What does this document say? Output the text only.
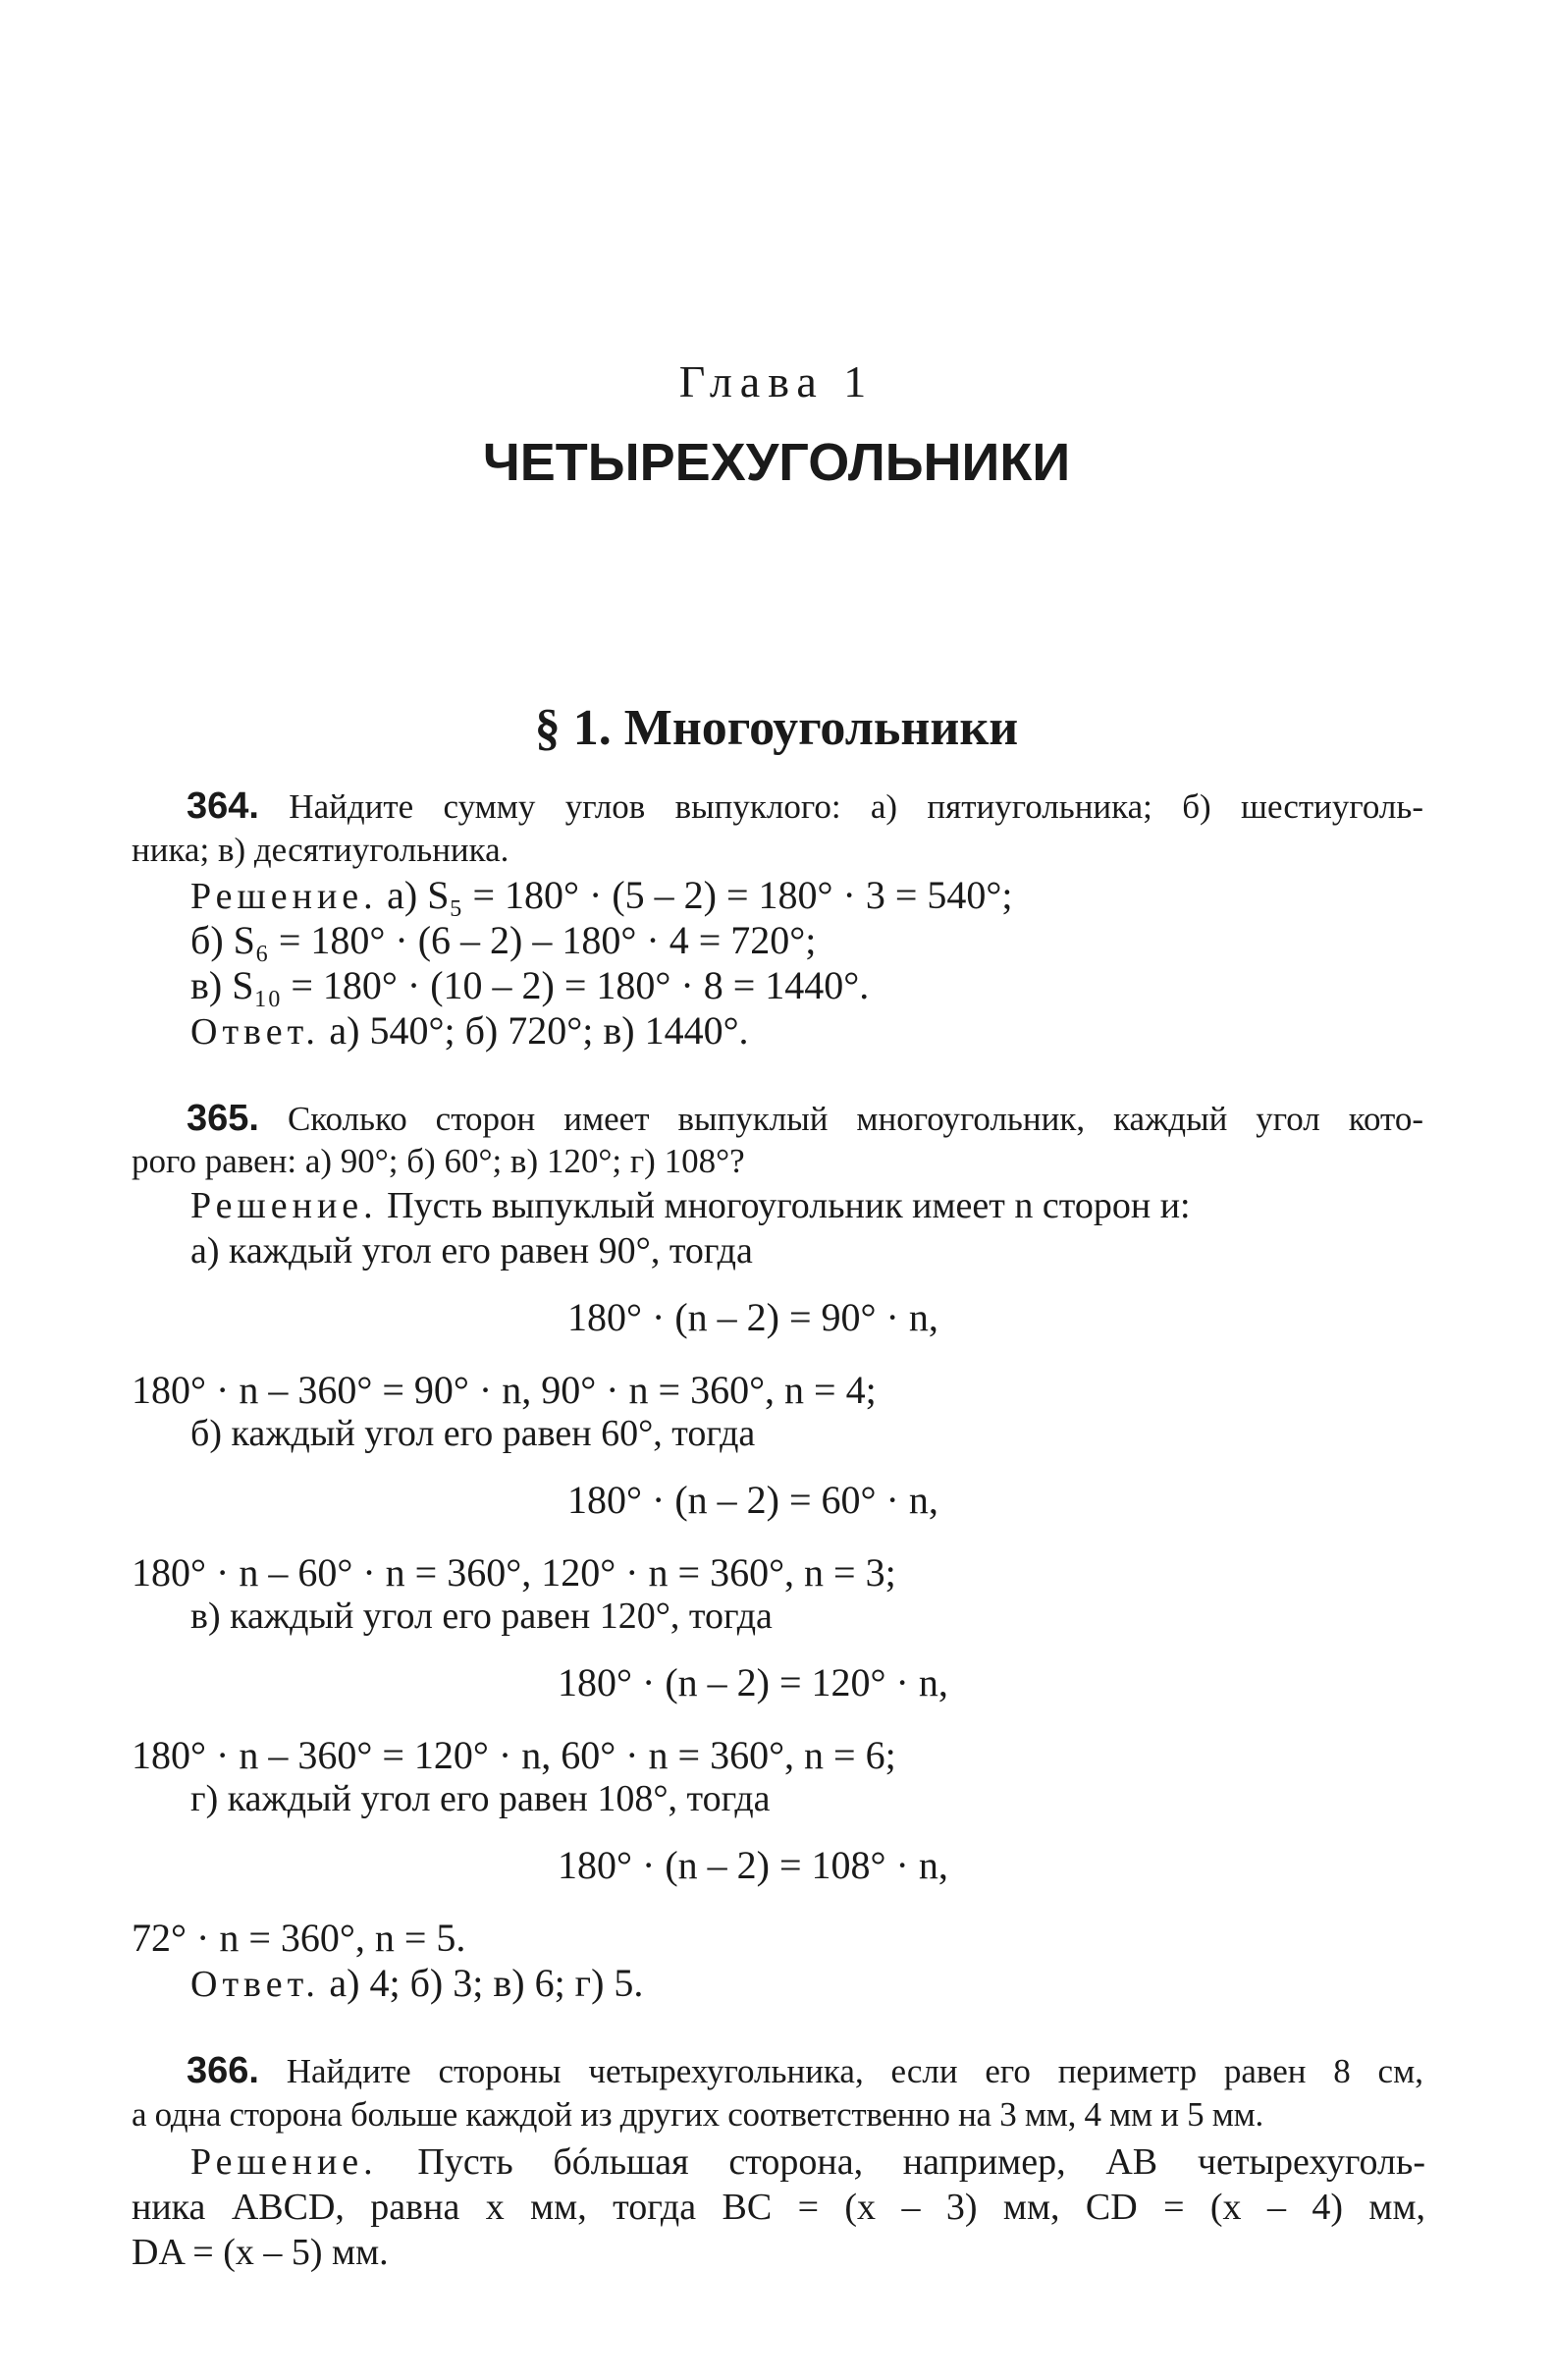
Глава 1
ЧЕТЫРЕХУГОЛЬНИКИ
§ 1. Многоугольники
364. Найдите сумму углов выпуклого: а) пятиугольника; б) шестиуголь-
ника; в) десятиугольника.
Решение. а) S₅ = 180° · (5 – 2) = 180° · 3 = 540°;
б) S₆ = 180° · (6 – 2) – 180° · 4 = 720°;
в) S₁₀ = 180° · (10 – 2) = 180° · 8 = 1440°.
Ответ. а) 540°; б) 720°; в) 1440°.
365. Сколько сторон имеет выпуклый многоугольник, каждый угол кото-
рого равен: а) 90°; б) 60°; в) 120°; г) 108°?
Решение. Пусть выпуклый многоугольник имеет n сторон и:
а) каждый угол его равен 90°, тогда
180° · (n – 2) = 90° · n,
180° · n – 360° = 90° · n, 90° · n = 360°, n = 4;
б) каждый угол его равен 60°, тогда
180° · (n – 2) = 60° · n,
180° · n – 60° · n = 360°, 120° · n = 360°, n = 3;
в) каждый угол его равен 120°, тогда
180° · (n – 2) = 120° · n,
180° · n – 360° = 120° · n, 60° · n = 360°, n = 6;
г) каждый угол его равен 108°, тогда
180° · (n – 2) = 108° · n,
72° · n = 360°, n = 5.
Ответ. а) 4; б) 3; в) 6; г) 5.
366. Найдите стороны четырехугольника, если его периметр равен 8 см,
а одна сторона больше каждой из других соответственно на 3 мм, 4 мм и 5 мм.
Решение. Пусть бóльшая сторона, например, AB четырехуголь-
ника ABCD, равна x мм, тогда BC = (x – 3) мм, CD = (x – 4) мм,
DA = (x – 5) мм.
